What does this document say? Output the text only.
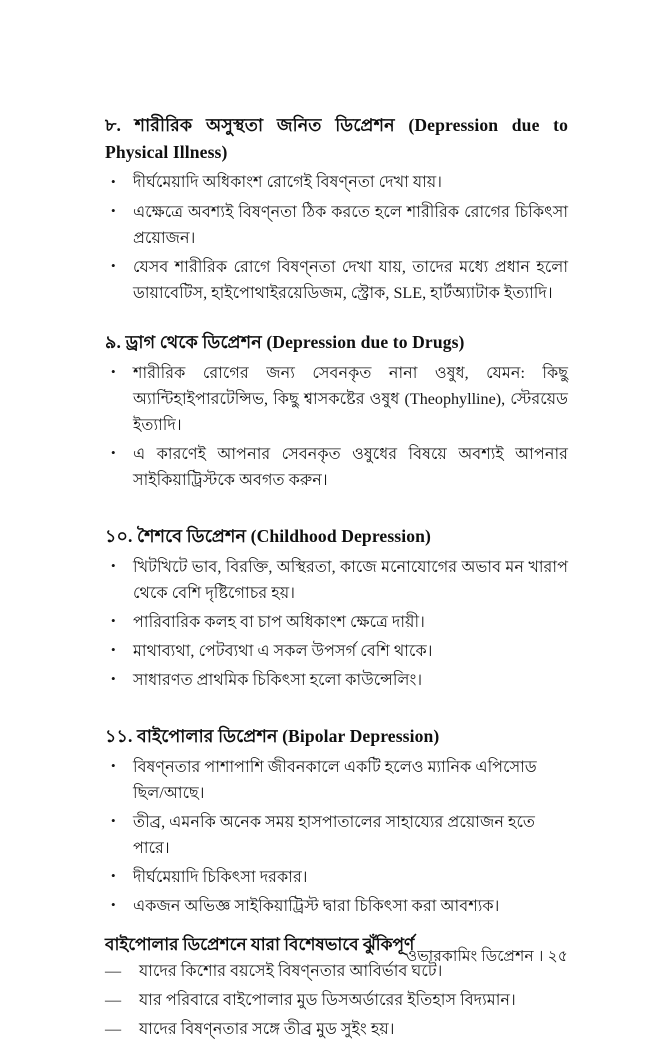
৮. শারীরিক অসুস্থতা জনিত ডিপ্রেশন (Depression due to Physical Illness)
• দীর্ঘমেয়াদি অধিকাংশ রোগেই বিষণ্নতা দেখা যায়।
• এক্ষেত্রে অবশ্যই বিষণ্নতা ঠিক করতে হলে শারীরিক রোগের চিকিৎসা প্রয়োজন।
• যেসব শারীরিক রোগে বিষণ্নতা দেখা যায়, তাদের মধ্যে প্রধান হলো ডায়াবেটিস, হাইপোথাইরয়েডিজম, স্ট্রোক, SLE, হার্টঅ্যাটাক ইত্যাদি।
৯. ড্রাগ থেকে ডিপ্রেশন (Depression due to Drugs)
• শারীরিক রোগের জন্য সেবনকৃত নানা ওষুধ, যেমন: কিছু অ্যান্টিহাইপারটেন্সিভ, কিছু শ্বাসকষ্টের ওষুধ (Theophylline), স্টেরয়েড ইত্যাদি।
• এ কারণেই আপনার সেবনকৃত ওষুধের বিষয়ে অবশ্যই আপনার সাইকিয়াট্রিস্টকে অবগত করুন।
১০. শৈশবে ডিপ্রেশন (Childhood Depression)
• খিটখিটে ভাব, বিরক্তি, অস্থিরতা, কাজে মনোযোগের অভাব মন খারাপ থেকে বেশি দৃষ্টিগোচর হয়।
• পারিবারিক কলহ বা চাপ অধিকাংশ ক্ষেত্রে দায়ী।
• মাথাব্যথা, পেটব্যথা এ সকল উপসর্গ বেশি থাকে।
• সাধারণত প্রাথমিক চিকিৎসা হলো কাউন্সেলিং।
১১. বাইপোলার ডিপ্রেশন (Bipolar Depression)
• বিষণ্নতার পাশাপাশি জীবনকালে একটি হলেও ম্যানিক এপিসোড ছিল/আছে।
• তীব্র, এমনকি অনেক সময় হাসপাতালের সাহায্যের প্রয়োজন হতে পারে।
• দীর্ঘমেয়াদি চিকিৎসা দরকার।
• একজন অভিজ্ঞ সাইকিয়াট্রিস্ট দ্বারা চিকিৎসা করা আবশ্যক।
বাইপোলার ডিপ্রেশনে যারা বিশেষভাবে ঝুঁকিপূর্ণ
— যাদের কিশোর বয়সেই বিষণ্নতার আবির্ভাব ঘটে।
— যার পরিবারে বাইপোলার মুড ডিসঅর্ডারের ইতিহাস বিদ্যমান।
— যাদের বিষণ্নতার সঙ্গে তীব্র মুড সুইং হয়।
ওভারকামিং ডিপ্রেশন । ২৫
